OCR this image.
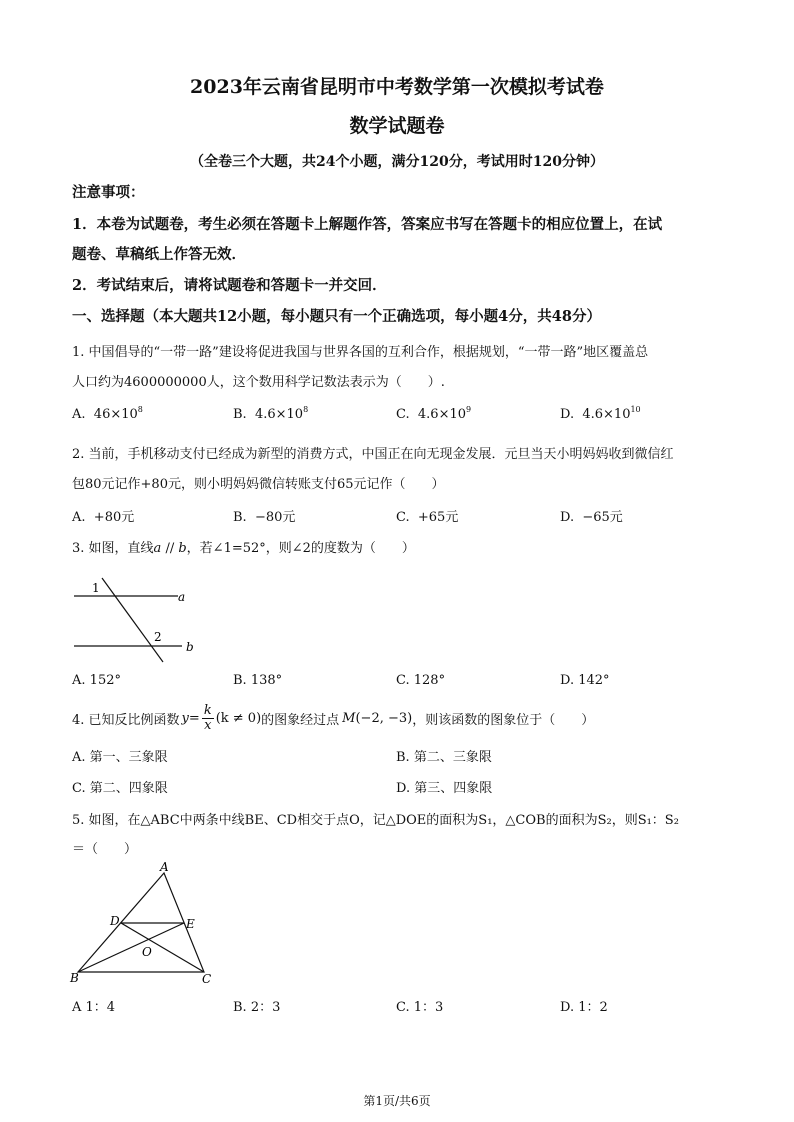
2023年云南省昆明市中考数学第一次模拟考试卷
数学试题卷
（全卷三个大题，共24个小题，满分120分，考试用时120分钟）
注意事项：
1．本卷为试题卷，考生必须在答题卡上解题作答，答案应书写在答题卡的相应位置上，在试
题卷、草稿纸上作答无效．
2．考试结束后，请将试题卷和答题卡一并交回．
一、选择题（本大题共12小题，每小题只有一个正确选项，每小题4分，共48分）
1. 中国倡导的“一带一路”建设将促进我国与世界各国的互利合作，根据规划，“一带一路”地区覆盖总
人口约为4600000000人，这个数用科学记数法表示为（　　）.
A. $46\times 10^8$	B. $4.6\times 10^8$	C. $4.6\times 10^9$	D. $4.6\times 10^{10}$
2. 当前，手机移动支付已经成为新型的消费方式，中国正在向无现金发展．元旦当天小明妈妈收到微信红
包80元记作+80元，则小明妈妈微信转账支付65元记作（　　）
A. +80元	B. −80元	C. +65元	D. −65元
3. 如图，直线a // b，若∠1=52°，则∠2的度数为（　　）
1
2
a
b
A. 152°	B. 138°	C. 128°	D. 142°
4. 已知反比例函数 $y = \frac{k}{x} (k \ne 0)$ 的图象经过点 M (−2, −3) ，则该函数的图象位于（　　）
A. 第一、三象限	B. 第二、三象限
C. 第二、四象限	D. 第三、四象限
5. 如图，在△ABC中两条中线BE、CD相交于点O，记△DOE的面积为S₁，△COB的面积为S₂，则S₁：S₂
＝（　　）
A
B	C
D	E
O
A 1：4	B. 2：3	C. 1：3	D. 1：2
第1页/共6页
